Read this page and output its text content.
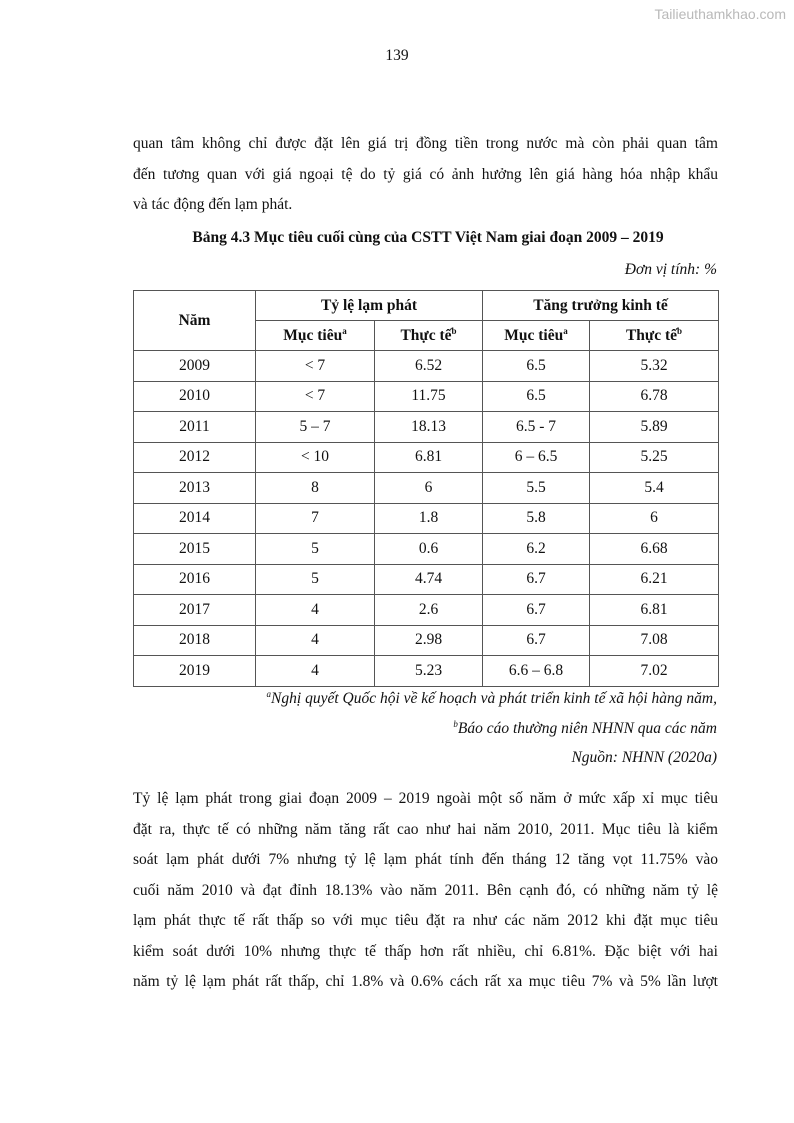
Tailieuthamkhao.com
139

quan tâm không chỉ được đặt lên giá trị đồng tiền trong nước mà còn phải quan tâm
đến tương quan với giá ngoại tệ do tỷ giá có ảnh hưởng lên giá hàng hóa nhập khẩu
và tác động đến lạm phát.

Bảng 4.3 Mục tiêu cuối cùng của CSTT Việt Nam giai đoạn 2009 – 2019
Đơn vị tính: %
Năm	Tỷ lệ lạm phát		Tăng trưởng kinh tế	
	Mục tiêu$^a$	Thực tế$^b$	Mục tiêu$^a$	Thực tế$^b$
2009	< 7	6.52	6.5	5.32
2010	< 7	11.75	6.5	6.78
2011	5 – 7	18.13	6.5 - 7	5.89
2012	< 10	6.81	6 – 6.5	5.25
2013	8	6	5.5	5.4
2014	7	1.8	5.8	6
2015	5	0.6	6.2	6.68
2016	5	4.74	6.7	6.21
2017	4	2.6	6.7	6.81
2018	4	2.98	6.7	7.08
2019	4	5.23	6.6 – 6.8	7.02
$^a$Nghị quyết Quốc hội về kế hoạch và phát triển kinh tế xã hội hàng năm,
$^b$Báo cáo thường niên NHNN qua các năm
Nguồn: NHNN (2020a)

Tỷ lệ lạm phát trong giai đoạn 2009 – 2019 ngoài một số năm ở mức xấp xỉ mục tiêu
đặt ra, thực tế có những năm tăng rất cao như hai năm 2010, 2011. Mục tiêu là kiểm
soát lạm phát dưới 7% nhưng tỷ lệ lạm phát tính đến tháng 12 tăng vọt 11.75% vào
cuối năm 2010 và đạt đỉnh 18.13% vào năm 2011. Bên cạnh đó, có những năm tỷ lệ
lạm phát thực tế rất thấp so với mục tiêu đặt ra như các năm 2012 khi đặt mục tiêu
kiểm soát dưới 10% nhưng thực tế thấp hơn rất nhiều, chỉ 6.81%. Đặc biệt với hai
năm tỷ lệ lạm phát rất thấp, chỉ 1.8% và 0.6% cách rất xa mục tiêu 7% và 5% lần lượt
